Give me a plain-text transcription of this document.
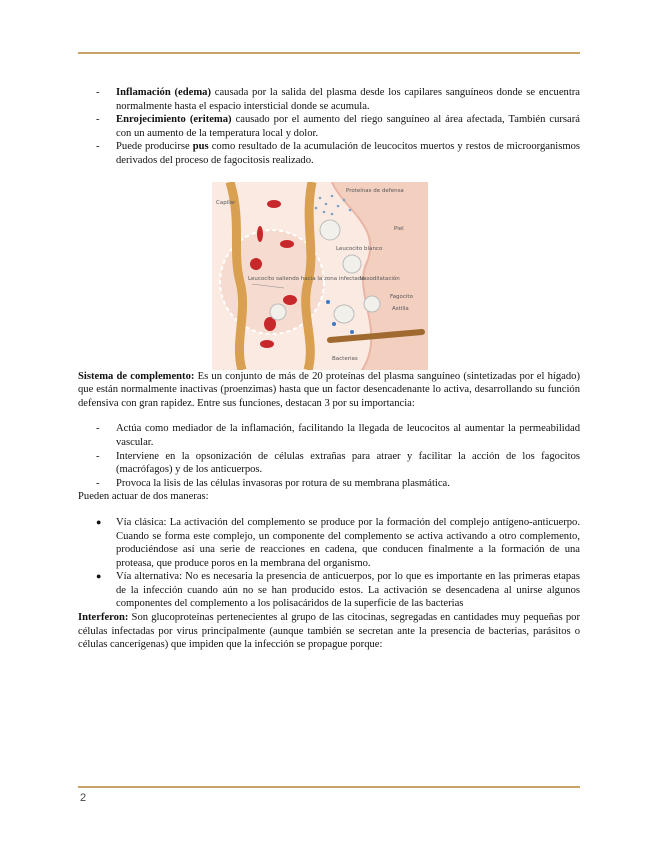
- Inflamación (edema) causada por la salida del plasma desde los capilares sanguíneos donde se encuentra normalmente hasta el espacio intersticial donde se acumula.
- Enrojecimiento (eritema) causado por el aumento del riego sanguíneo al área afectada, También cursará con un aumento de la temperatura local y dolor.
- Puede producirse pus como resultado de la acumulación de leucocitos muertos y restos de microorganismos derivados del proceso de fagocitosis realizado.
Capilar
Proteínas de defensa
Piel
Leucocito blanco
Leucocito saliendo hacia la zona infectada
Vasodilatación
Fagocito
Astilla
Bacterias

Sistema de complemento: Es un conjunto de más de 20 proteínas del plasma sanguíneo (sintetizadas por el hígado) que están normalmente inactivas (proenzimas) hasta que un factor desencadenante lo activa, desarrollando su función defensiva con gran rapidez. Entre sus funciones, destacan 3 por su importancia:

- Actúa como mediador de la inflamación, facilitando la llegada de leucocitos al aumentar la permeabilidad vascular.
- Interviene en la opsonización de células extrañas para atraer y facilitar la acción de los fagocitos (macrófagos) y de los anticuerpos.
- Provoca la lisis de las células invasoras por rotura de su membrana plasmática.

Pueden actuar de dos maneras:

● Vía clásica: La activación del complemento se produce por la formación del complejo antígeno-anticuerpo. Cuando se forma este complejo, un componente del complemento se activa activando a otro complemento, produciéndose así una serie de reacciones en cadena, que conducen finalmente a la formación de una proteasa, que produce poros en la membrana del organismo.
● Vía alternativa: No es necesaria la presencia de anticuerpos, por lo que es importante en las primeras etapas de la infección cuando aún no se han producido estos. La activación se desencadena al unirse algunos componentes del complemento a los polisacáridos de la superficie de las bacterias

Interferon: Son glucoproteínas pertenecientes al grupo de las citocinas, segregadas en cantidades muy pequeñas por células infectadas por virus principalmente (aunque también se secretan ante la presencia de bacterias, parásitos o células cancerígenas) que impiden que la infección se propague porque:

2
